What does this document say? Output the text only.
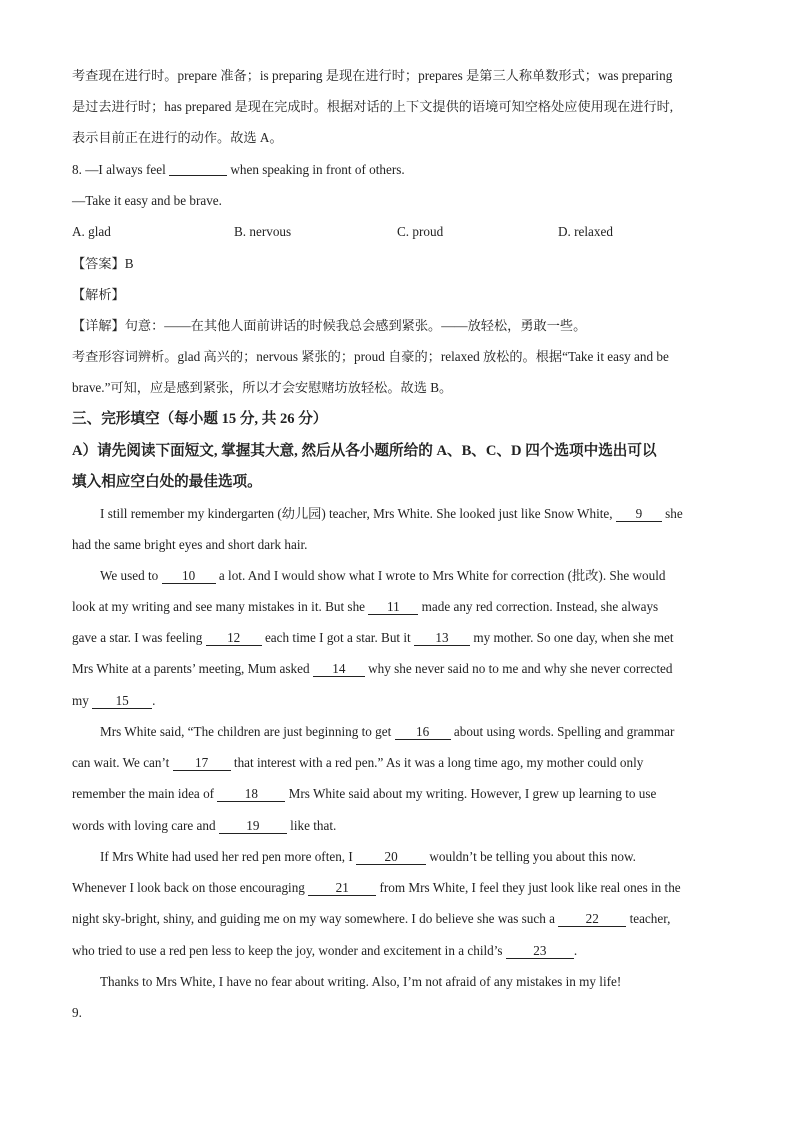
考查现在进行时。prepare 准备；is preparing 是现在进行时；prepares 是第三人称单数形式；was preparing
是过去进行时；has prepared 是现在完成时。根据对话的上下文提供的语境可知空格处应使用现在进行时,
表示目前正在进行的动作。故选 A。
8. —I always feel	when speaking in front of others.
—Take it easy and be brave.
A. glad	B. nervous	C. proud	D. relaxed
【答案】B
【解析】
【详解】句意：——在其他人面前讲话的时候我总会感到紧张。——放轻松，勇敢一些。
考查形容词辨析。glad 高兴的；nervous 紧张的；proud 自豪的；relaxed 放松的。根据“Take it easy and be
brave.”可知，应是感到紧张，所以才会安慰赌坊放轻松。故选 B。
三、完形填空（每小题 15 分, 共 26 分）
A）请先阅读下面短文, 掌握其大意, 然后从各小题所给的 A、B、C、D 四个选项中选出可以
填入相应空白处的最佳选项。
I still remember my kindergarten (幼儿园) teacher, Mrs White. She looked just like Snow White, 9 she
had the same bright eyes and short dark hair.
We used to 10 a lot. And I would show what I wrote to Mrs White for correction (批改). She would
look at my writing and see many mistakes in it. But she 11 made any red correction. Instead, she always
gave a star. I was feeling 12 each time I got a star. But it 13 my mother. So one day, when she met
Mrs White at a parents’ meeting, Mum asked 14 why she never said no to me and why she never corrected
my 15 .
Mrs White said, “The children are just beginning to get 16 about using words. Spelling and grammar
can wait. We can’t 17 that interest with a red pen.” As it was a long time ago, my mother could only
remember the main idea of 18 Mrs White said about my writing. However, I grew up learning to use
words with loving care and 19 like that.
If Mrs White had used her red pen more often, I 20 wouldn’t be telling you about this now.
Whenever I look back on those encouraging 21 from Mrs White, I feel they just look like real ones in the
night sky-bright, shiny, and guiding me on my way somewhere. I do believe she was such a 22 teacher,
who tried to use a red pen less to keep the joy, wonder and excitement in a child’s 23 .
Thanks to Mrs White, I have no fear about writing. Also, I’m not afraid of any mistakes in my life!
9.
